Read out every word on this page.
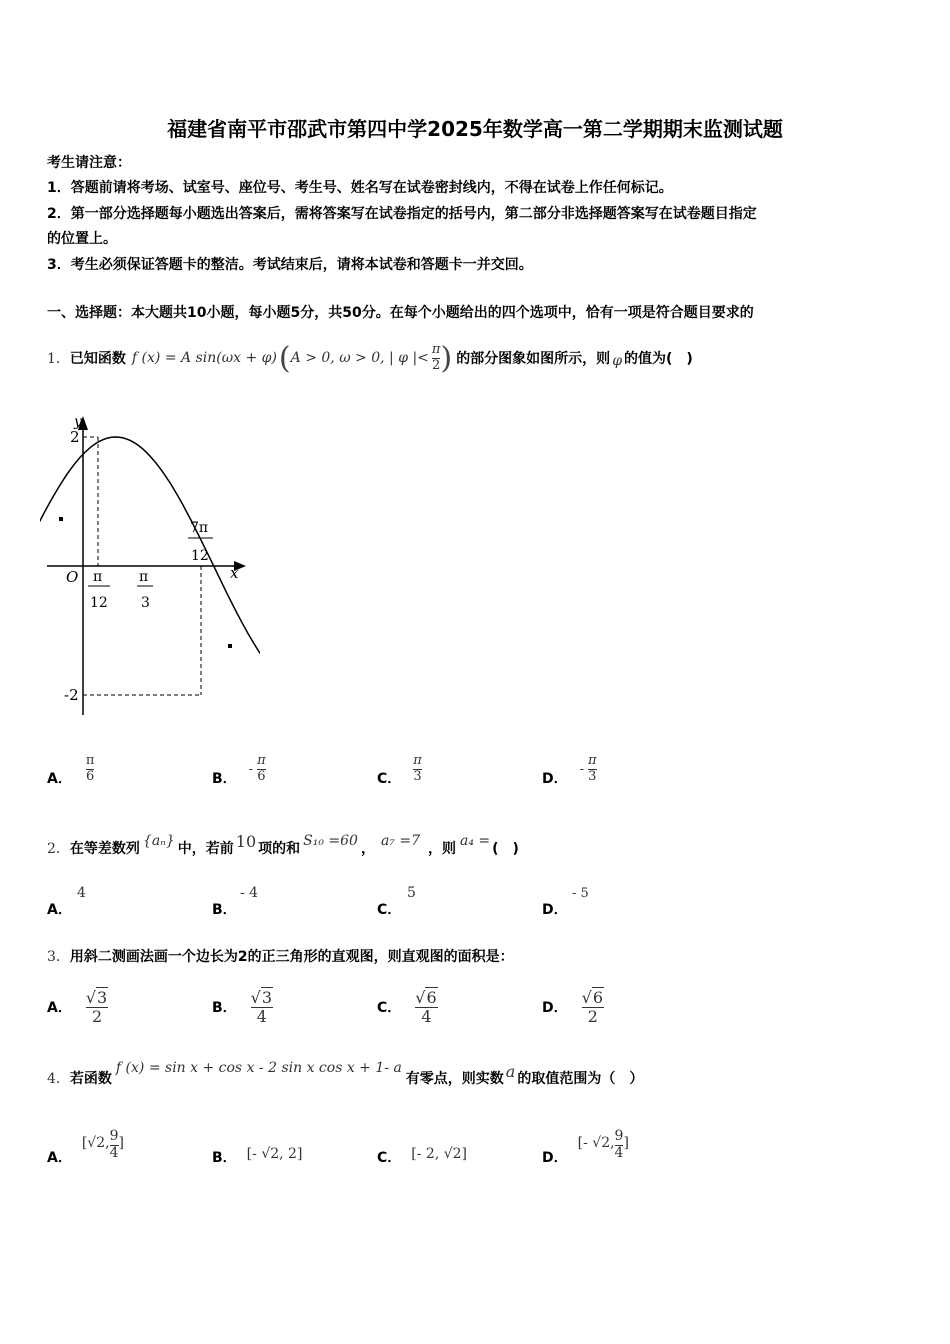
福建省南平市邵武市第四中学2025年数学高一第二学期期末监测试题
考生请注意：
1．答题前请将考场、试室号、座位号、考生号、姓名写在试卷密封线内，不得在试卷上作任何标记。
2．第一部分选择题每小题选出答案后，需将答案写在试卷指定的括号内，第二部分非选择题答案写在试卷题目指定
的位置上。
3．考生必须保证答题卡的整洁。考试结束后，请将本试卷和答题卡一并交回。
一、选择题：本大题共10小题，每小题5分，共50分。在每个小题给出的四个选项中，恰有一项是符合题目要求的
1． 已知函数 f (x) = A sin(ωx + φ) ( A > 0, ω > 0, | φ |< $\frac{\pi}{2}$ ) 的部分图象如图所示，则 φ 的值为(　)
y
x
O
2
-2
π
12
π
3
7π
12
A． $\frac{\pi}{6}$	B．
- $\frac{\pi}{6}$	C． $\frac{\pi}{3}$	D．
- $\frac{\pi}{3}$
2． 在等差数列 {aₙ} 中，若前 10 项的和 S₁₀ =60 ， a₇ =7 ，则 a₄ = (　)
A．
4
B．
- 4
C．
5
D．
- 5
3．用斜二测画法画一个边长为2的正三角形的直观图，则直观图的面积是：
A． $\frac{√3}{2}$	B． $\frac{√3}{4}$	C． $\frac{√6}{4}$	D． $\frac{√6}{2}$
4． 若函数
f (x) = sin x + cos x - 2 sin x cos x + 1- a
有零点，则实数 a 的取值范围为（　）
A．
[√2, $\frac{9}{4}$ ]
B． [- √2, 2]	C． [- 2, √2]	D．
[- √2, $\frac{9}{4}$ ]
